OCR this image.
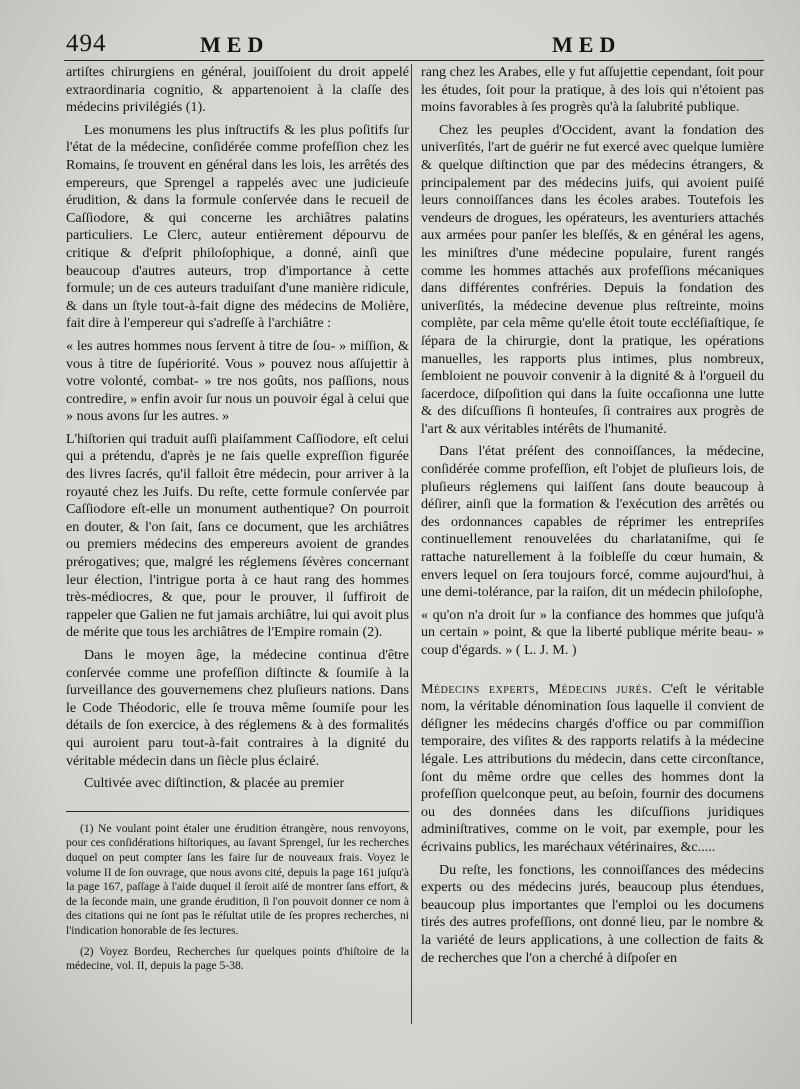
494	MED	MED

artiſtes chirurgiens en général, jouiſſoient du droit appelé extraordinaria cognitio, & appartenoient à la claſſe des médecins privilégiés (1).

Les monumens les plus inſtructifs & les plus poſitifs ſur l'état de la médecine, conſidérée comme profeſſion chez les Romains, ſe trouvent en général dans les lois, les arrêtés des empereurs, que Sprengel a rappelés avec une judicieuſe érudition, & dans la formule conſervée dans le recueil de Caſſiodore, & qui concerne les archiâtres palatins particuliers. Le Clerc, auteur entièrement dépourvu de critique & d'eſprit philoſophique, a donné, ainſi que beaucoup d'autres auteurs, trop d'importance à cette formule; un de ces auteurs traduiſant d'une manière ridicule, & dans un ſtyle tout-à-fait digne des médecins de Molière, fait dire à l'empereur qui s'adreſſe à l'archiâtre :

« les autres hommes nous ſervent à titre de ſou- » miſſion, & vous à titre de ſupériorité. Vous » pouvez nous aſſujettir à votre volonté, combat- » tre nos goûts, nos paſſions, nous contredire, » enfin avoir ſur nous un pouvoir égal à celui que » nous avons ſur les autres. »

L'hiſtorien qui traduit auſſi plaiſamment Caſſiodore, eſt celui qui a prétendu, d'après je ne ſais quelle expreſſion figurée des livres ſacrés, qu'il falloit être médecin, pour arriver à la royauté chez les Juifs. Du reſte, cette formule conſervée par Caſſiodore eſt-elle un monument authentique? On pourroit en douter, & l'on ſait, ſans ce document, que les archiâtres ou premiers médecins des empereurs avoient de grandes prérogatives; que, malgré les réglemens ſévères concernant leur élection, l'intrigue porta à ce haut rang des hommes très-médiocres, & que, pour le prouver, il ſuffiroit de rappeler que Galien ne fut jamais archiâtre, lui qui avoit plus de mérite que tous les archiâtres de l'Empire romain (2).

Dans le moyen âge, la médecine continua d'être conſervée comme une profeſſion diſtincte & ſoumiſe à la ſurveillance des gouvernemens chez pluſieurs nations. Dans le Code Théodoric, elle ſe trouva même ſoumiſe pour les détails de ſon exercice, à des réglemens & à des formalités qui auroient paru tout-à-fait contraires à la dignité du véritable médecin dans un ſiècle plus éclairé.

Cultivée avec diſtinction, & placée au premier

(1) Ne voulant point étaler une érudition étrangère, nous renvoyons, pour ces conſidérations hiſtoriques, au ſavant Sprengel, ſur les recherches duquel on peut compter ſans les faire ſur de nouveaux frais. Voyez le volume II de ſon ouvrage, que nous avons cité, depuis la page 161 juſqu'à la page 167, paſſage à l'aide duquel il ſeroit aiſé de montrer ſans effort, & de la ſeconde main, une grande érudition, ſi l'on pouvoit donner ce nom à des citations qui ne ſont pas le réſultat utile de ſes propres recherches, ni l'indication honorable de ſes lectures.

(2) Voyez Bordeu, Recherches ſur quelques points d'hiſtoire de la médecine, vol. II, depuis la page 5-38.

rang chez les Arabes, elle y fut aſſujettie cependant, ſoit pour les études, ſoit pour la pratique, à des lois qui n'étoient pas moins favorables à ſes progrès qu'à la ſalubrité publique.

Chez les peuples d'Occident, avant la fondation des univerſités, l'art de guérir ne fut exercé avec quelque lumière & quelque diſtinction que par des médecins étrangers, & principalement par des médecins juifs, qui avoient puiſé leurs connoiſſances dans les écoles arabes. Toutefois les vendeurs de drogues, les opérateurs, les aventuriers attachés aux armées pour panſer les bleſſés, & en général les agens, les miniſtres d'une médecine populaire, furent rangés comme les hommes attachés aux profeſſions mécaniques dans différentes confréries. Depuis la fondation des univerſités, la médecine devenue plus reſtreinte, moins complète, par cela même qu'elle étoit toute eccléſiaſtique, ſe ſépara de la chirurgie, dont la pratique, les opérations manuelles, les rapports plus intimes, plus nombreux, ſembloient ne pouvoir convenir à la dignité & à l'orgueil du ſacerdoce, diſpoſition qui dans la ſuite occaſionna une lutte & des diſcuſſions ſi honteuſes, ſi contraires aux progrès de l'art & aux véritables intérêts de l'humanité.

Dans l'état préſent des connoiſſances, la médecine, conſidérée comme profeſſion, eſt l'objet de pluſieurs lois, de pluſieurs réglemens qui laiſſent ſans doute beaucoup à déſirer, ainſi que la formation & l'exécution des arrêtés ou des ordonnances capables de réprimer les entrepriſes continuellement renouvelées du charlataniſme, qui ſe rattache naturellement à la foibleſſe du cœur humain, & envers lequel on ſera toujours forcé, comme aujourd'hui, à une demi-tolérance, par la raiſon, dit un médecin philoſophe,

« qu'on n'a droit ſur » la confiance des hommes que juſqu'à un certain » point, & que la liberté publique mérite beau- » coup d'égards. » ( L. J. M. )

Médecins experts, Médecins jurés. C'eſt le véritable nom, la véritable dénomination ſous laquelle il convient de déſigner les médecins chargés d'office ou par commiſſion temporaire, des viſites & des rapports relatifs à la médecine légale. Les attributions du médecin, dans cette circonſtance, ſont du même ordre que celles des hommes dont la profeſſion quelconque peut, au beſoin, fournir des documens ou des données dans les diſcuſſions juridiques adminiſtratives, comme on le voit, par exemple, pour les écrivains publics, les maréchaux vétérinaires, &c.....

Du reſte, les fonctions, les connoiſſances des médecins experts ou des médecins jurés, beaucoup plus étendues, beaucoup plus importantes que l'emploi ou les documens tirés des autres profeſſions, ont donné lieu, par le nombre & la variété de leurs applications, à une collection de faits & de recherches que l'on a cherché à diſpoſer en
